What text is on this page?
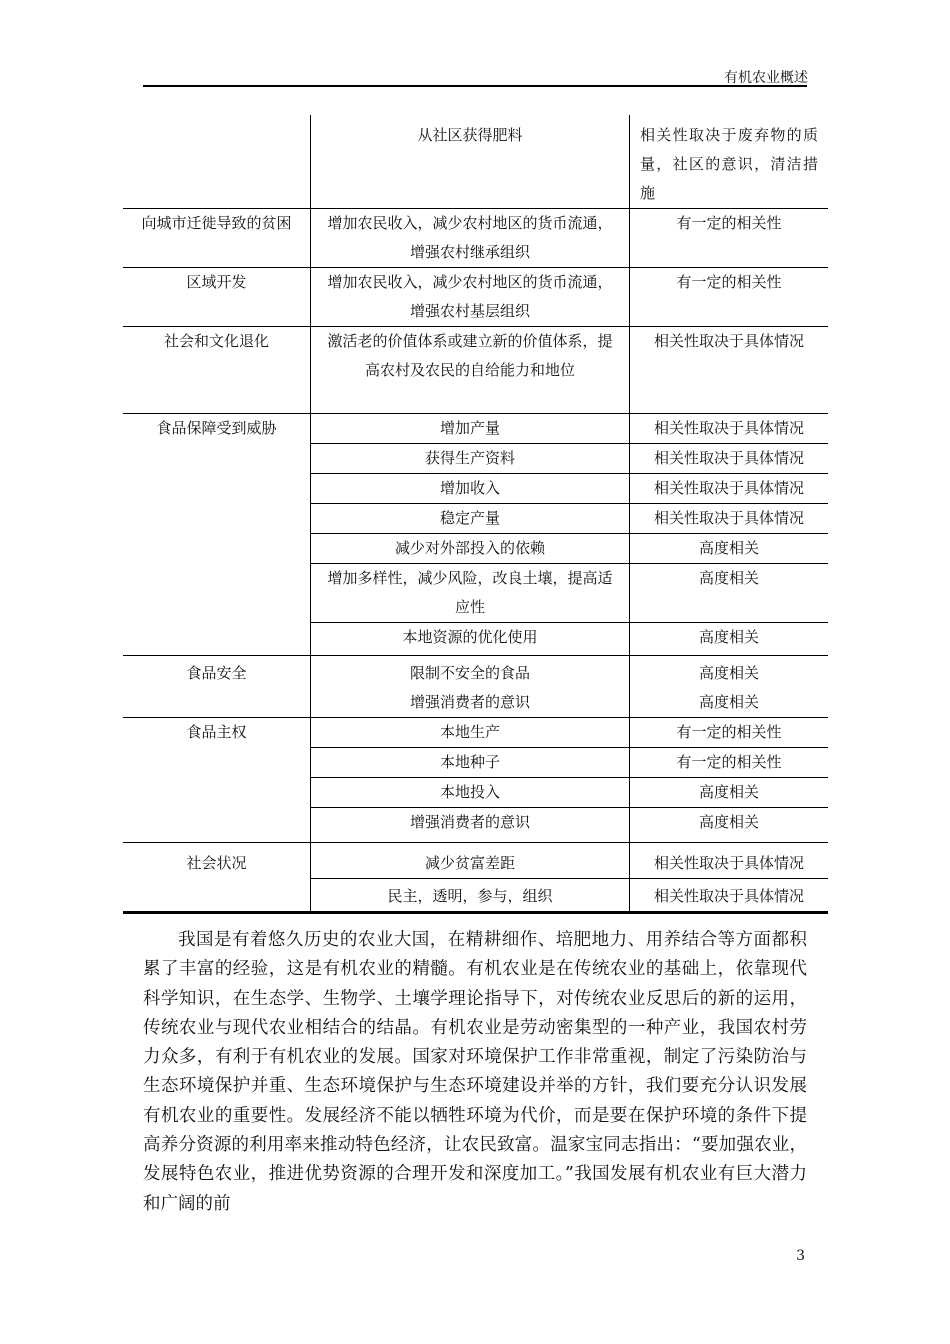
有机农业概述
	从社区获得肥料	相关性取决于废弃物的质量，社区的意识，清洁措施
向城市迁徙导致的贫困	增加农民收入，减少农村地区的货币流通，增强农村继承组织	有一定的相关性
区域开发	增加农民收入，减少农村地区的货币流通，增强农村基层组织	有一定的相关性
社会和文化退化	激活老的价值体系或建立新的价值体系，提高农村及农民的自给能力和地位	相关性取决于具体情况
食品保障受到威胁	增加产量	相关性取决于具体情况
	获得生产资料	相关性取决于具体情况
	增加收入	相关性取决于具体情况
	稳定产量	相关性取决于具体情况
	减少对外部投入的依赖	高度相关
	增加多样性，减少风险，改良土壤，提高适应性	高度相关
	本地资源的优化使用	高度相关
食品安全	限制不安全的食品	高度相关
	增强消费者的意识	高度相关
食品主权	本地生产	有一定的相关性
	本地种子	有一定的相关性
	本地投入	高度相关
	增强消费者的意识	高度相关
社会状况	减少贫富差距	相关性取决于具体情况
	民主，透明，参与，组织	相关性取决于具体情况

我国是有着悠久历史的农业大国，在精耕细作、培肥地力、用养结合等方面都积累了丰富的经验，这是有机农业的精髓。有机农业是在传统农业的基础上，依靠现代科学知识，在生态学、生物学、土壤学理论指导下，对传统农业反思后的新的运用，传统农业与现代农业相结合的结晶。有机农业是劳动密集型的一种产业，我国农村劳力众多，有利于有机农业的发展。国家对环境保护工作非常重视，制定了污染防治与生态环境保护并重、生态环境保护与生态环境建设并举的方针，我们要充分认识发展有机农业的重要性。发展经济不能以牺牲环境为代价，而是要在保护环境的条件下提高养分资源的利用率来推动特色经济，让农民致富。温家宝同志指出：“要加强农业，发展特色农业，推进优势资源的合理开发和深度加工。”我国发展有机农业有巨大潜力和广阔的前

3
